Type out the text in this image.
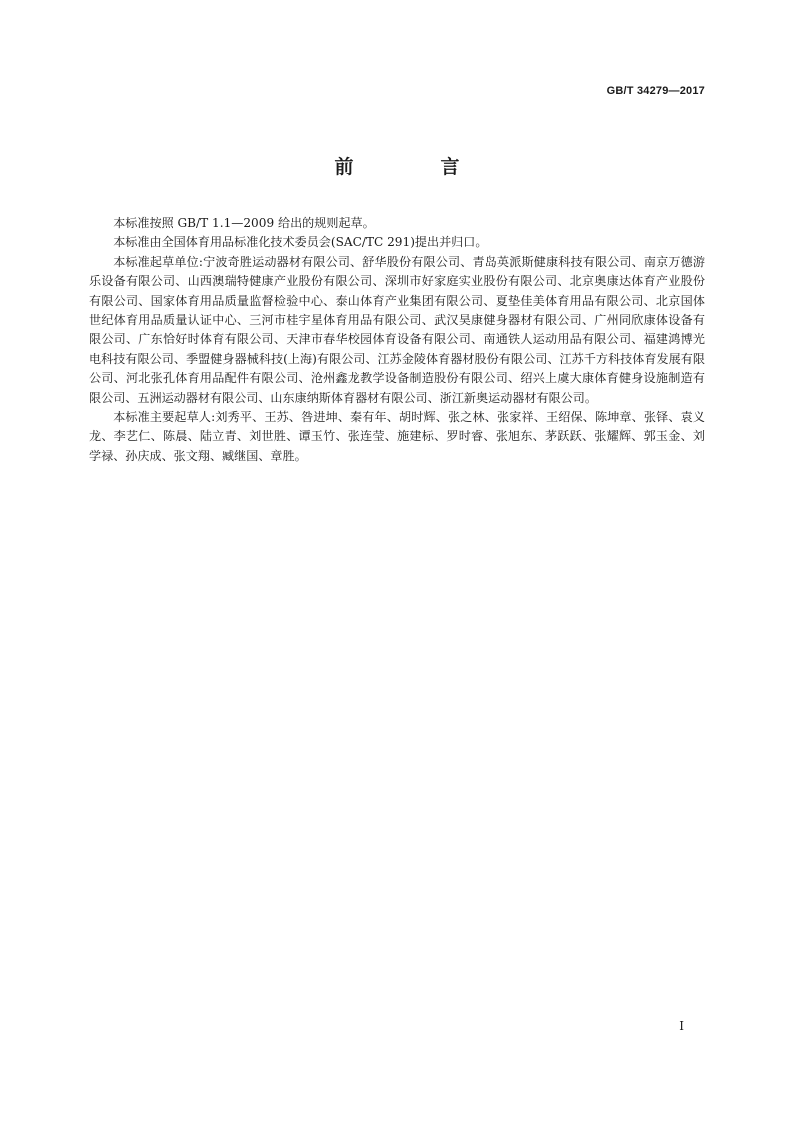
GB/T 34279—2017
前　言

本标准按照 GB/T 1.1—2009 给出的规则起草。

本标准由全国体育用品标准化技术委员会(SAC/TC 291)提出并归口。

本标准起草单位:宁波奇胜运动器材有限公司、舒华股份有限公司、青岛英派斯健康科技有限公司、南京万德游乐设备有限公司、山西澳瑞特健康产业股份有限公司、深圳市好家庭实业股份有限公司、北京奥康达体育产业股份有限公司、国家体育用品质量监督检验中心、泰山体育产业集团有限公司、夏垫佳美体育用品有限公司、北京国体世纪体育用品质量认证中心、三河市桂宇星体育用品有限公司、武汉昊康健身器材有限公司、广州同欣康体设备有限公司、广东恰好时体育有限公司、天津市春华校园体育设备有限公司、南通铁人运动用品有限公司、福建鸿博光电科技有限公司、季盟健身器械科技(上海)有限公司、江苏金陵体育器材股份有限公司、江苏千方科技体育发展有限公司、河北张孔体育用品配件有限公司、沧州鑫龙教学设备制造股份有限公司、绍兴上虞大康体育健身设施制造有限公司、五洲运动器材有限公司、山东康纳斯体育器材有限公司、浙江新奥运动器材有限公司。

本标准主要起草人:刘秀平、王苏、咎进坤、秦有年、胡时辉、张之林、张家祥、王绍保、陈坤章、张铎、袁义龙、李艺仁、陈晨、陆立青、刘世胜、谭玉竹、张连莹、施建标、罗时睿、张旭东、茅跃跃、张耀辉、郭玉金、刘学禄、孙庆成、张文翔、臧继国、章胜。

I
